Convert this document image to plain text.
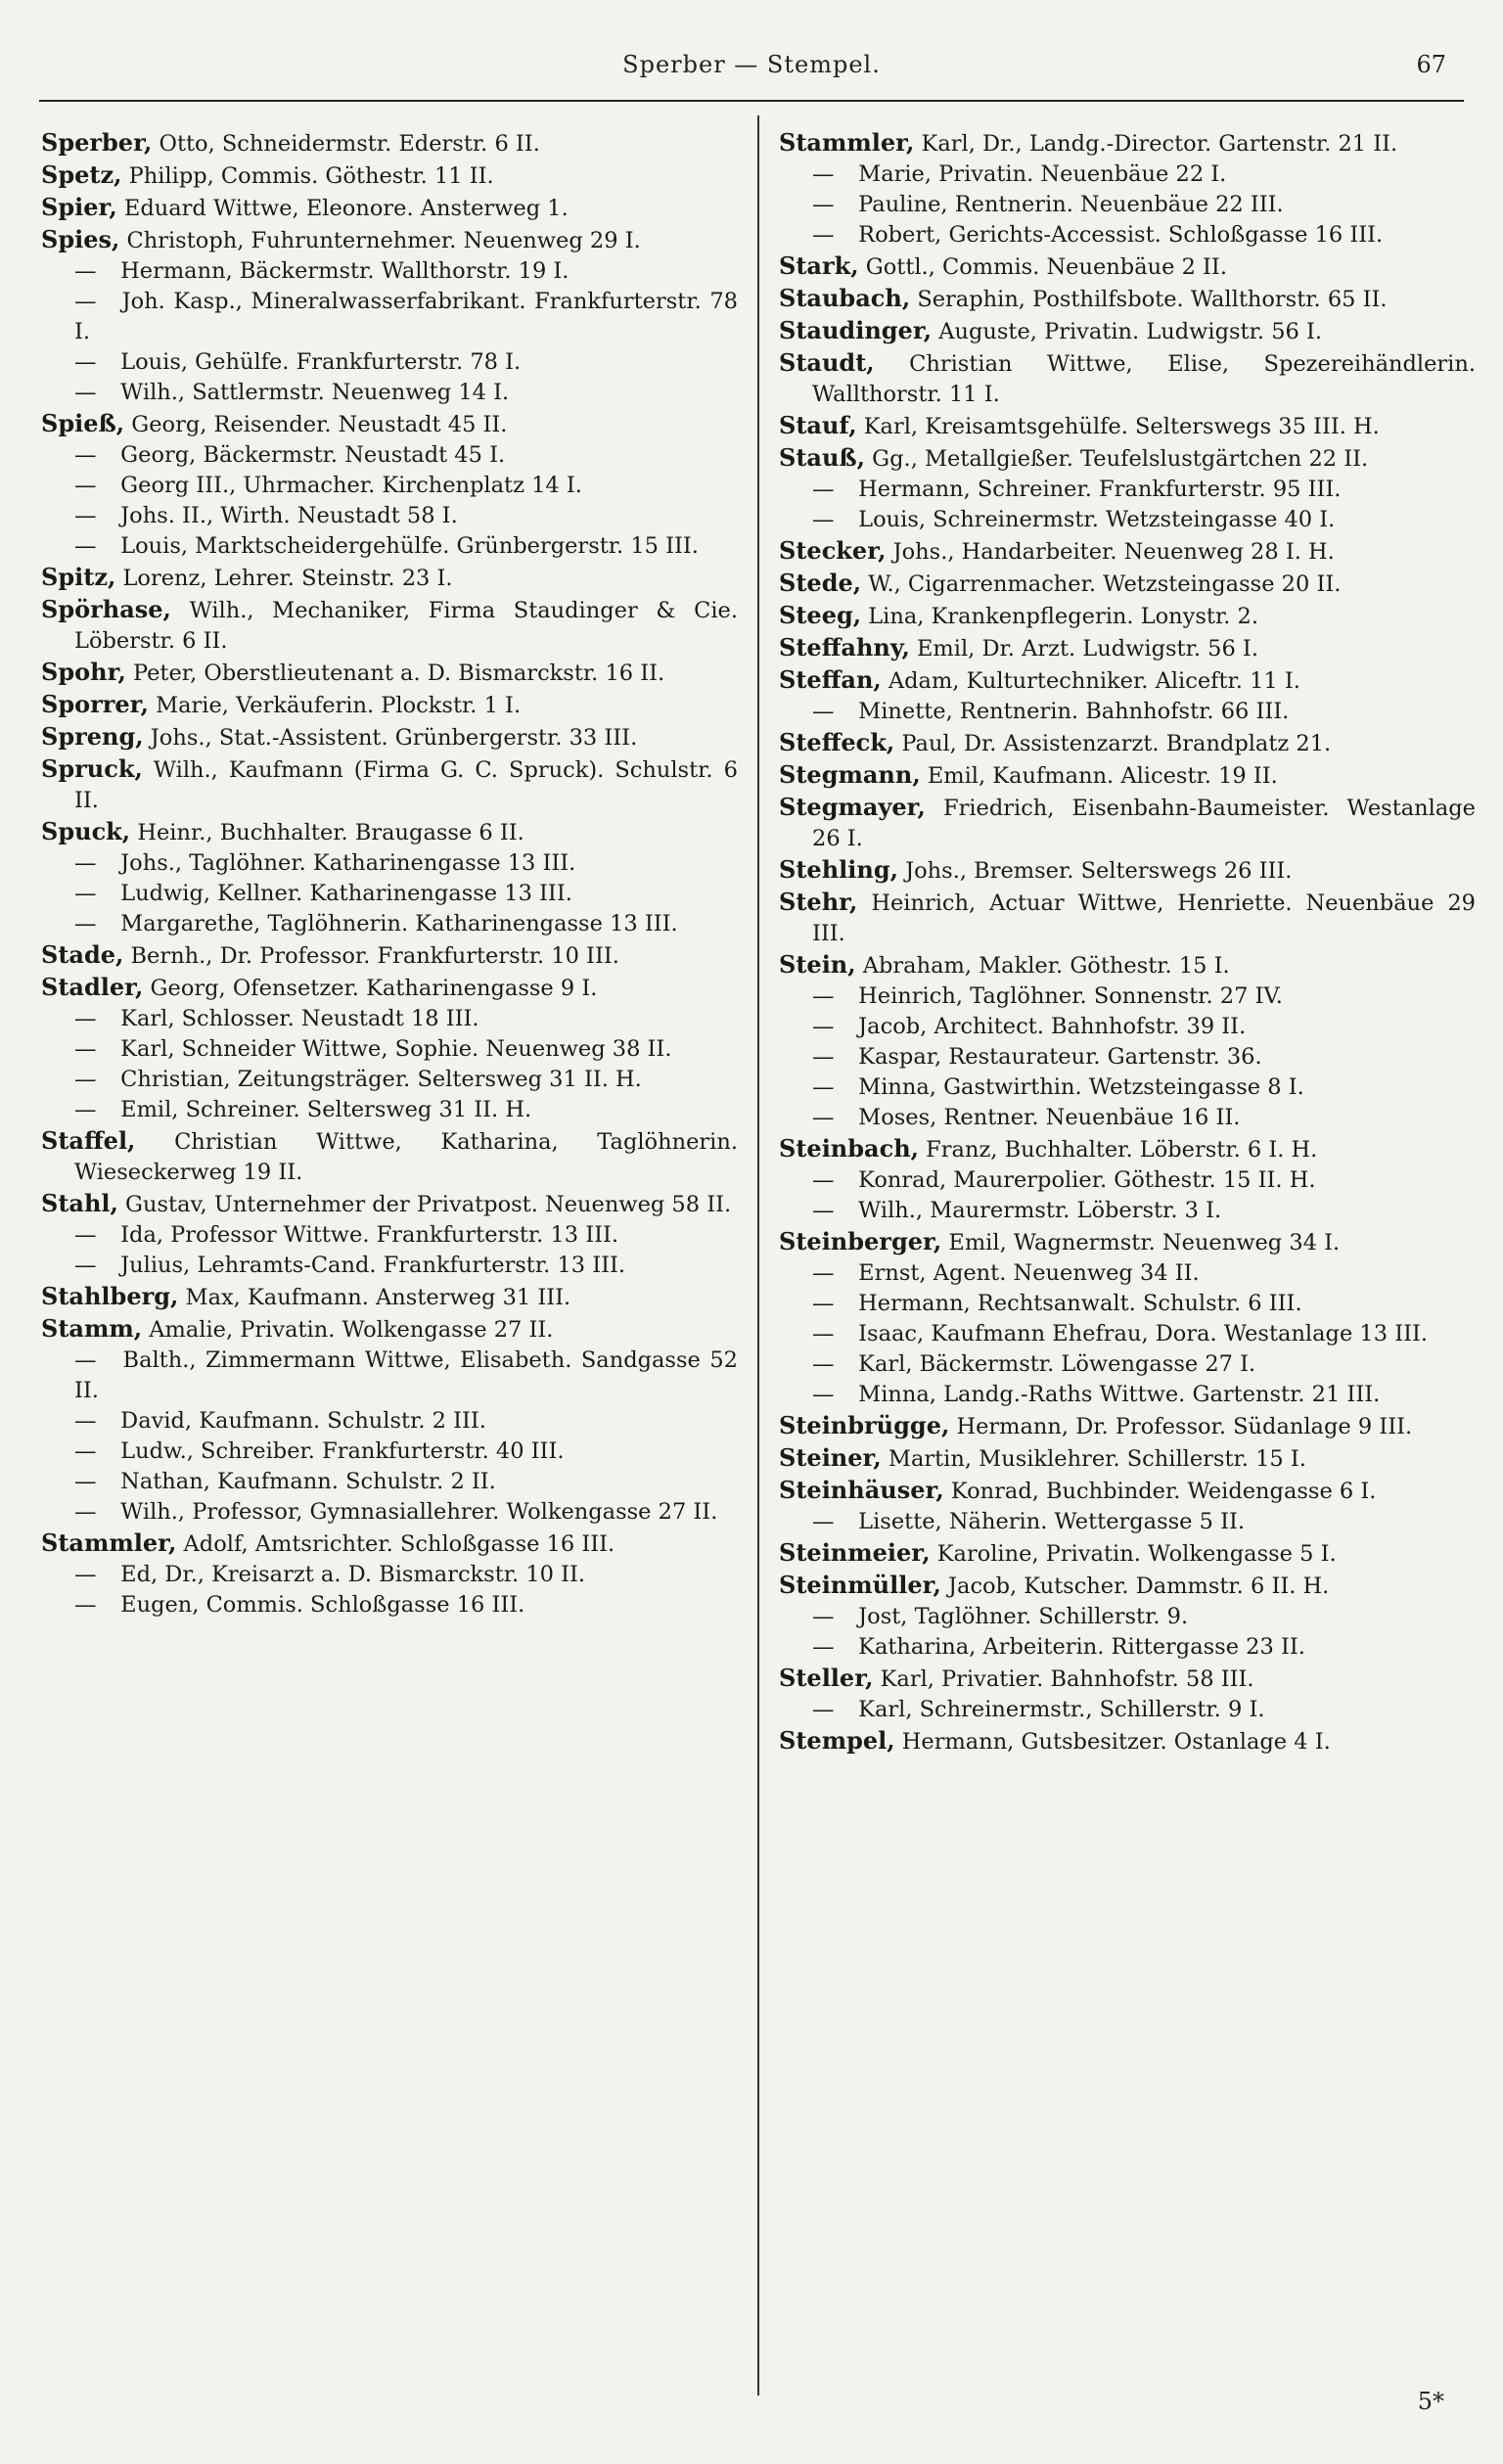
Sperber — Stempel.	67

Sperber, Otto, Schneidermstr. Ederstr. 6 II.

Spetz, Philipp, Commis. Göthestr. 11 II.

Spier, Eduard Wittwe, Eleonore. Ansterweg 1.

Spies, Christoph, Fuhrunternehmer. Neuenweg 29 I.

— Hermann, Bäckermstr. Wallthorstr. 19 I.

— Joh. Kasp., Mineralwasserfabrikant. Frankfurterstr. 78 I.

— Louis, Gehülfe. Frankfurterstr. 78 I.

— Wilh., Sattlermstr. Neuenweg 14 I.

Spieß, Georg, Reisender. Neustadt 45 II.

— Georg, Bäckermstr. Neustadt 45 I.

— Georg III., Uhrmacher. Kirchenplatz 14 I.

— Johs. II., Wirth. Neustadt 58 I.

— Louis, Marktscheidergehülfe. Grünbergerstr. 15 III.

Spitz, Lorenz, Lehrer. Steinstr. 23 I.

Spörhase, Wilh., Mechaniker, Firma Staudinger & Cie. Löberstr. 6 II.

Spohr, Peter, Oberstlieutenant a. D. Bismarckstr. 16 II.

Sporrer, Marie, Verkäuferin. Plockstr. 1 I.

Spreng, Johs., Stat.-Assistent. Grünbergerstr. 33 III.

Spruck, Wilh., Kaufmann (Firma G. C. Spruck). Schulstr. 6 II.

Spuck, Heinr., Buchhalter. Braugasse 6 II.

— Johs., Taglöhner. Katharinengasse 13 III.

— Ludwig, Kellner. Katharinengasse 13 III.

— Margarethe, Taglöhnerin. Katharinengasse 13 III.

Stade, Bernh., Dr. Professor. Frankfurterstr. 10 III.

Stadler, Georg, Ofensetzer. Katharinengasse 9 I.

— Karl, Schlosser. Neustadt 18 III.

— Karl, Schneider Wittwe, Sophie. Neuenweg 38 II.

— Christian, Zeitungsträger. Seltersweg 31 II. H.

— Emil, Schreiner. Seltersweg 31 II. H.

Staffel, Christian Wittwe, Katharina, Taglöhnerin. Wieseckerweg 19 II.

Stahl, Gustav, Unternehmer der Privatpost. Neuenweg 58 II.

— Ida, Professor Wittwe. Frankfurterstr. 13 III.

— Julius, Lehramts-Cand. Frankfurterstr. 13 III.

Stahlberg, Max, Kaufmann. Ansterweg 31 III.

Stamm, Amalie, Privatin. Wolkengasse 27 II.

— Balth., Zimmermann Wittwe, Elisabeth. Sandgasse 52 II.

— David, Kaufmann. Schulstr. 2 III.

— Ludw., Schreiber. Frankfurterstr. 40 III.

— Nathan, Kaufmann. Schulstr. 2 II.

— Wilh., Professor, Gymnasiallehrer. Wolkengasse 27 II.

Stammler, Adolf, Amtsrichter. Schloßgasse 16 III.

— Ed, Dr., Kreisarzt a. D. Bismarckstr. 10 II.

— Eugen, Commis. Schloßgasse 16 III.

Stammler, Karl, Dr., Landg.-Director. Gartenstr. 21 II.

— Marie, Privatin. Neuenbäue 22 I.

— Pauline, Rentnerin. Neuenbäue 22 III.

— Robert, Gerichts-Accessist. Schloßgasse 16 III.

Stark, Gottl., Commis. Neuenbäue 2 II.

Staubach, Seraphin, Posthilfsbote. Wallthorstr. 65 II.

Staudinger, Auguste, Privatin. Ludwigstr. 56 I.

Staudt, Christian Wittwe, Elise, Spezereihändlerin. Wallthorstr. 11 I.

Stauf, Karl, Kreisamtsgehülfe. Selterswegs 35 III. H.

Stauß, Gg., Metallgießer. Teufelslustgärtchen 22 II.

— Hermann, Schreiner. Frankfurterstr. 95 III.

— Louis, Schreinermstr. Wetzsteingasse 40 I.

Stecker, Johs., Handarbeiter. Neuenweg 28 I. H.

Stede, W., Cigarrenmacher. Wetzsteingasse 20 II.

Steeg, Lina, Krankenpflegerin. Lonystr. 2.

Steffahny, Emil, Dr. Arzt. Ludwigstr. 56 I.

Steffan, Adam, Kulturtechniker. Aliceftr. 11 I.

— Minette, Rentnerin. Bahnhofstr. 66 III.

Steffeck, Paul, Dr. Assistenzarzt. Brandplatz 21.

Stegmann, Emil, Kaufmann. Alicestr. 19 II.

Stegmayer, Friedrich, Eisenbahn-Baumeister. Westanlage 26 I.

Stehling, Johs., Bremser. Selterswegs 26 III.

Stehr, Heinrich, Actuar Wittwe, Henriette. Neuenbäue 29 III.

Stein, Abraham, Makler. Göthestr. 15 I.

— Heinrich, Taglöhner. Sonnenstr. 27 IV.

— Jacob, Architect. Bahnhofstr. 39 II.

— Kaspar, Restaurateur. Gartenstr. 36.

— Minna, Gastwirthin. Wetzsteingasse 8 I.

— Moses, Rentner. Neuenbäue 16 II.

Steinbach, Franz, Buchhalter. Löberstr. 6 I. H.

— Konrad, Maurerpolier. Göthestr. 15 II. H.

— Wilh., Maurermstr. Löberstr. 3 I.

Steinberger, Emil, Wagnermstr. Neuenweg 34 I.

— Ernst, Agent. Neuenweg 34 II.

— Hermann, Rechtsanwalt. Schulstr. 6 III.

— Isaac, Kaufmann Ehefrau, Dora. Westanlage 13 III.

— Karl, Bäckermstr. Löwengasse 27 I.

— Minna, Landg.-Raths Wittwe. Gartenstr. 21 III.

Steinbrügge, Hermann, Dr. Professor. Südanlage 9 III.

Steiner, Martin, Musiklehrer. Schillerstr. 15 I.

Steinhäuser, Konrad, Buchbinder. Weidengasse 6 I.

— Lisette, Näherin. Wettergasse 5 II.

Steinmeier, Karoline, Privatin. Wolkengasse 5 I.

Steinmüller, Jacob, Kutscher. Dammstr. 6 II. H.

— Jost, Taglöhner. Schillerstr. 9.

— Katharina, Arbeiterin. Rittergasse 23 II.

Steller, Karl, Privatier. Bahnhofstr. 58 III.

— Karl, Schreinermstr., Schillerstr. 9 I.

Stempel, Hermann, Gutsbesitzer. Ostanlage 4 I.

5*
